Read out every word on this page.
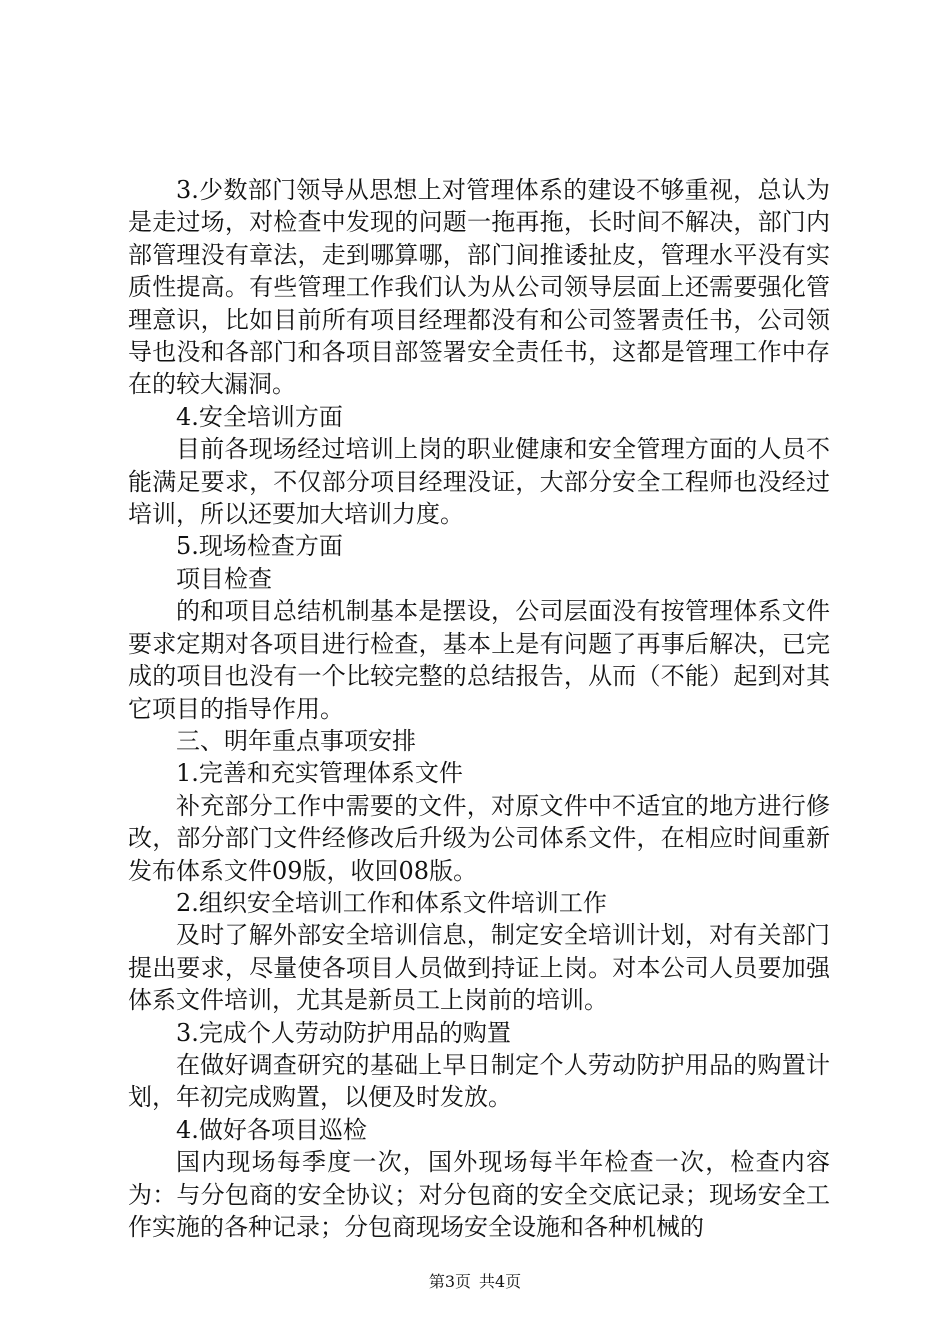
3.少数部门领导从思想上对管理体系的建设不够重视，总认为是走过场，对检查中发现的问题一拖再拖，长时间不解决，部门内部管理没有章法，走到哪算哪，部门间推诿扯皮，管理水平没有实质性提高。有些管理工作我们认为从公司领导层面上还需要强化管理意识，比如目前所有项目经理都没有和公司签署责任书，公司领导也没和各部门和各项目部签署安全责任书，这都是管理工作中存在的较大漏洞。

4.安全培训方面

目前各现场经过培训上岗的职业健康和安全管理方面的人员不能满足要求，不仅部分项目经理没证，大部分安全工程师也没经过培训，所以还要加大培训力度。

5.现场检查方面

项目检查

的和项目总结机制基本是摆设，公司层面没有按管理体系文件要求定期对各项目进行检查，基本上是有问题了再事后解决，已完成的项目也没有一个比较完整的总结报告，从而（不能）起到对其它项目的指导作用。

三、明年重点事项安排

1.完善和充实管理体系文件

补充部分工作中需要的文件，对原文件中不适宜的地方进行修改，部分部门文件经修改后升级为公司体系文件，在相应时间重新发布体系文件09版，收回08版。

2.组织安全培训工作和体系文件培训工作

及时了解外部安全培训信息，制定安全培训计划，对有关部门提出要求，尽量使各项目人员做到持证上岗。对本公司人员要加强体系文件培训，尤其是新员工上岗前的培训。

3.完成个人劳动防护用品的购置

在做好调查研究的基础上早日制定个人劳动防护用品的购置计划，年初完成购置，以便及时发放。

4.做好各项目巡检

国内现场每季度一次，国外现场每半年检查一次，检查内容为：与分包商的安全协议；对分包商的安全交底记录；现场安全工作实施的各种记录；分包商现场安全设施和各种机械的

第3页 共4页
